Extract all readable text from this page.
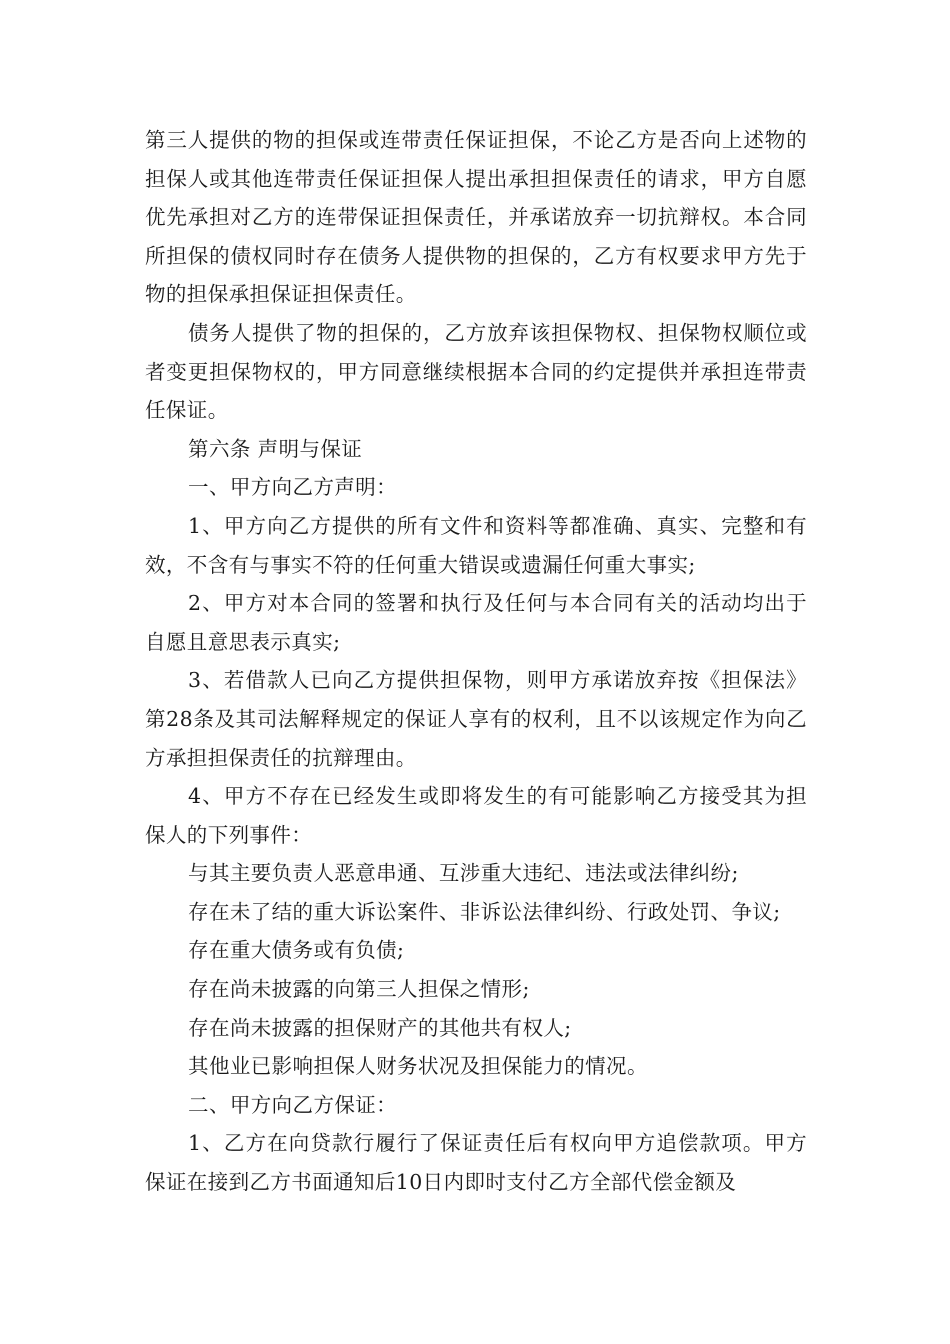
第三人提供的物的担保或连带责任保证担保，不论乙方是否向上述物的担保人或其他连带责任保证担保人提出承担担保责任的请求，甲方自愿优先承担对乙方的连带保证担保责任，并承诺放弃一切抗辩权。本合同所担保的债权同时存在债务人提供物的担保的，乙方有权要求甲方先于物的担保承担保证担保责任。

债务人提供了物的担保的，乙方放弃该担保物权、担保物权顺位或者变更担保物权的，甲方同意继续根据本合同的约定提供并承担连带责任保证。

第六条 声明与保证

一、甲方向乙方声明：

1、甲方向乙方提供的所有文件和资料等都准确、真实、完整和有效，不含有与事实不符的任何重大错误或遗漏任何重大事实;

2、甲方对本合同的签署和执行及任何与本合同有关的活动均出于自愿且意思表示真实;

3、若借款人已向乙方提供担保物，则甲方承诺放弃按《担保法》第28条及其司法解释规定的保证人享有的权利，且不以该规定作为向乙方承担担保责任的抗辩理由。

4、甲方不存在已经发生或即将发生的有可能影响乙方接受其为担保人的下列事件：

与其主要负责人恶意串通、互涉重大违纪、违法或法律纠纷;

存在未了结的重大诉讼案件、非诉讼法律纠纷、行政处罚、争议;

存在重大债务或有负债;

存在尚未披露的向第三人担保之情形;

存在尚未披露的担保财产的其他共有权人;

其他业已影响担保人财务状况及担保能力的情况。

二、甲方向乙方保证：

1、乙方在向贷款行履行了保证责任后有权向甲方追偿款项。甲方保证在接到乙方书面通知后10日内即时支付乙方全部代偿金额及
